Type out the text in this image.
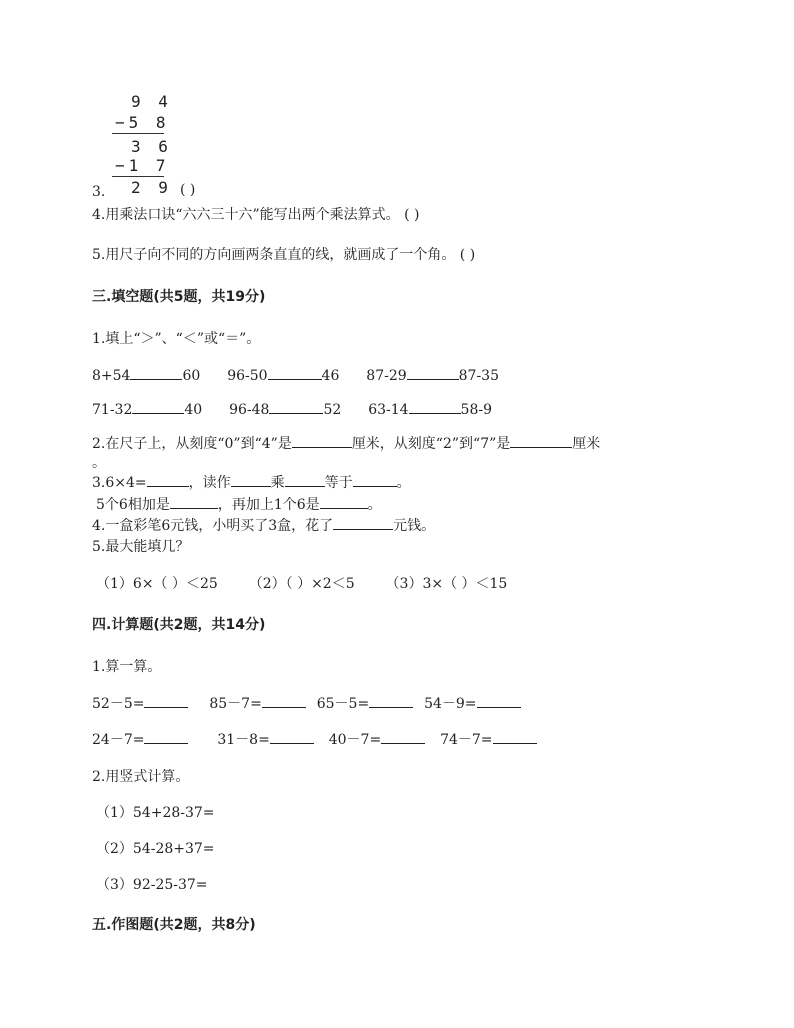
9 4
−5 8
3 6
−1 7
2 9
3.	( )
4.用乘法口诀“六六三十六”能写出两个乘法算式。 ( )
5.用尺子向不同的方向画两条直直的线，就画成了一个角。 ( )
三.填空题(共5题，共19分)
1.填上“＞”、“＜”或“＝”。
8+54	60 96-50	46 87-29	87-35
71-32	40 96-48	52 63-14	58-9
2.在尺子上，从刻度“0”到“4”是	厘米，从刻度“2”到“7”是	厘米
。
3.6×4=	，读作	乘	等于	。
5个6相加是	，再加上1个6是	。
4.一盒彩笔6元钱，小明买了3盒，花了	元钱。
5.最大能填几？
（1）6×（ ）＜25 （2）（ ）×2＜5 （3）3×（ ）＜15
四.计算题(共2题，共14分)
1.算一算。
52－5=	85－7=	65－5=	54－9=
24－7=	31－8=	40－7=	74－7=
2.用竖式计算。
（1）54+28-37=
（2）54-28+37=
（3）92-25-37=
五.作图题(共2题，共8分)
